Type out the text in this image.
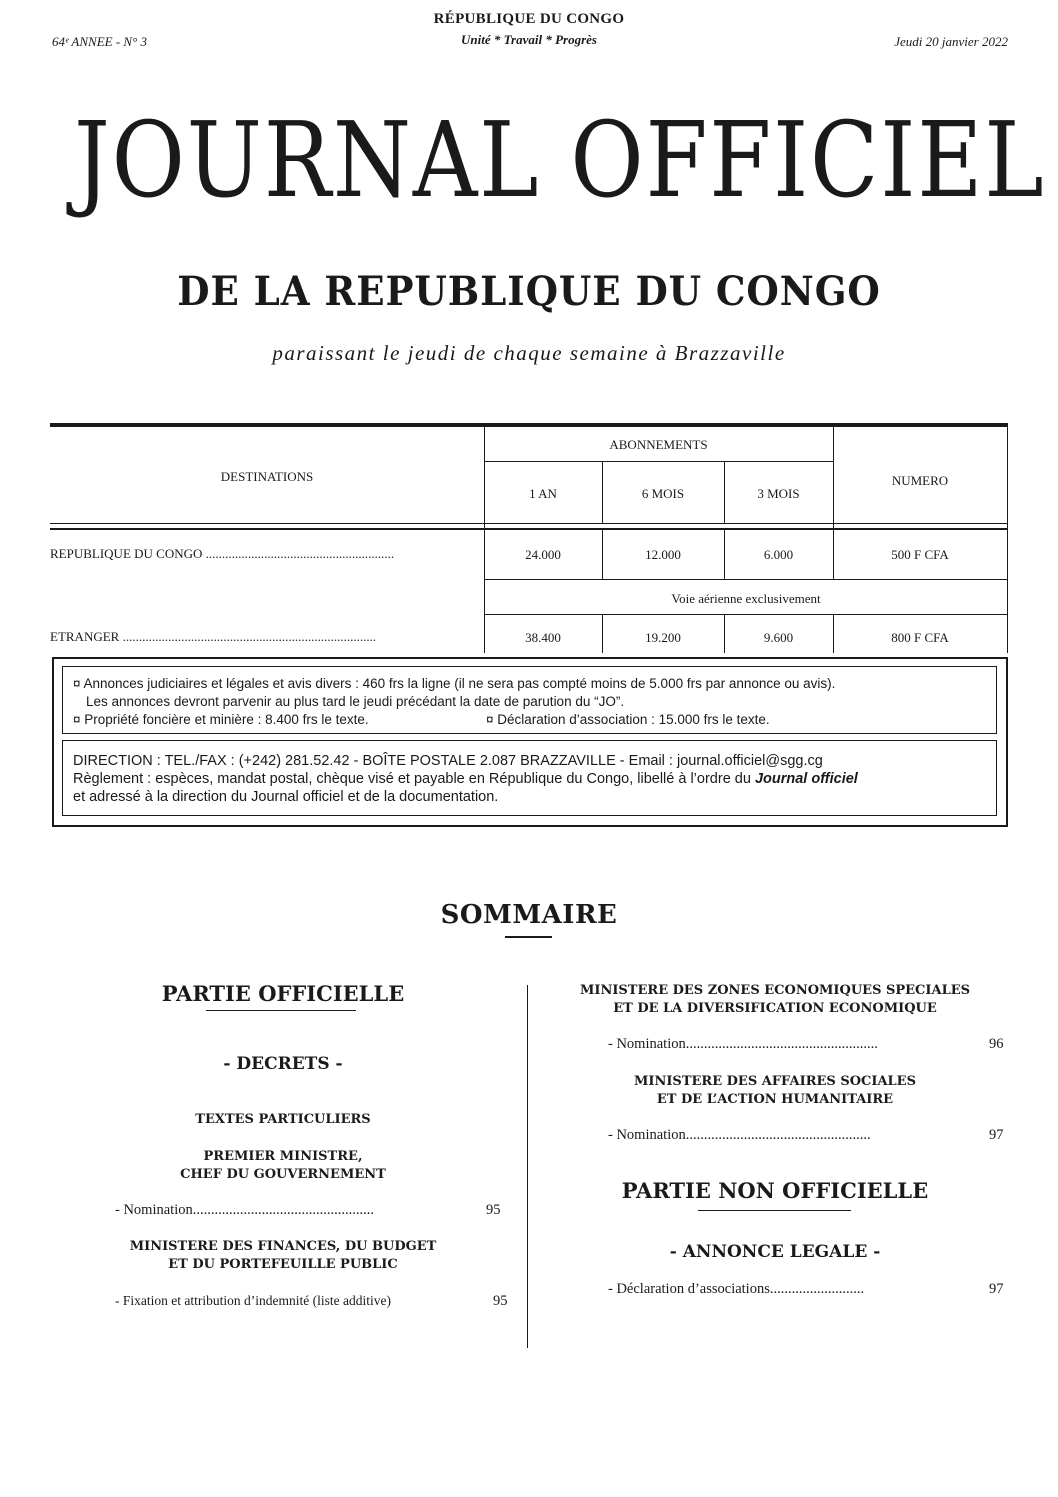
RÉPUBLIQUE DU CONGO
Unité * Travail * Progrès
64ᵉ ANNEE - N° 3	Jeudi 20 janvier 2022
JOURNAL OFFICIEL
DE LA REPUBLIQUE DU CONGO
paraissant le jeudi de chaque semaine à Brazzaville
DESTINATIONS
ABONNEMENTS
NUMERO
1 AN	6 MOIS	3 MOIS
REPUBLIQUE DU CONGO ..........................................................	24.000	12.000	6.000	500 F CFA
Voie aérienne exclusivement
ETRANGER ..............................................................................	38.400	19.200	9.600	800 F CFA
¤ Annonces judiciaires et légales et avis divers : 460 frs la ligne (il ne sera pas compté moins de 5.000 frs par annonce ou avis).
Les annonces devront parvenir au plus tard le jeudi précédant la date de parution du “JO”.
¤ Propriété foncière et minière : 8.400 frs le texte.	¤ Déclaration d’association : 15.000 frs le texte.
DIRECTION : TEL./FAX : (+242) 281.52.42 - BOÎTE POSTALE 2.087 BRAZZAVILLE - Email : journal.officiel@sgg.cg
Règlement : espèces, mandat postal, chèque visé et payable en République du Congo, libellé à l’ordre du Journal officiel
et adressé à la direction du Journal officiel et de la documentation.
SOMMAIRE
PARTIE OFFICIELLE
- DECRETS -
TEXTES PARTICULIERS
PREMIER MINISTRE,
CHEF DU GOUVERNEMENT
- Nomination..................................................	95
MINISTERE DES FINANCES, DU BUDGET
ET DU PORTEFEUILLE PUBLIC
- Fixation et attribution d’indemnité (liste additive)	95
MINISTERE DES ZONES ECONOMIQUES SPECIALES
ET DE LA DIVERSIFICATION ECONOMIQUE
- Nomination.....................................................	96
MINISTERE DES AFFAIRES SOCIALES
ET DE L’ACTION HUMANITAIRE
- Nomination...................................................	97
PARTIE NON OFFICIELLE
- ANNONCE LEGALE -
- Déclaration d’associations..........................	97
